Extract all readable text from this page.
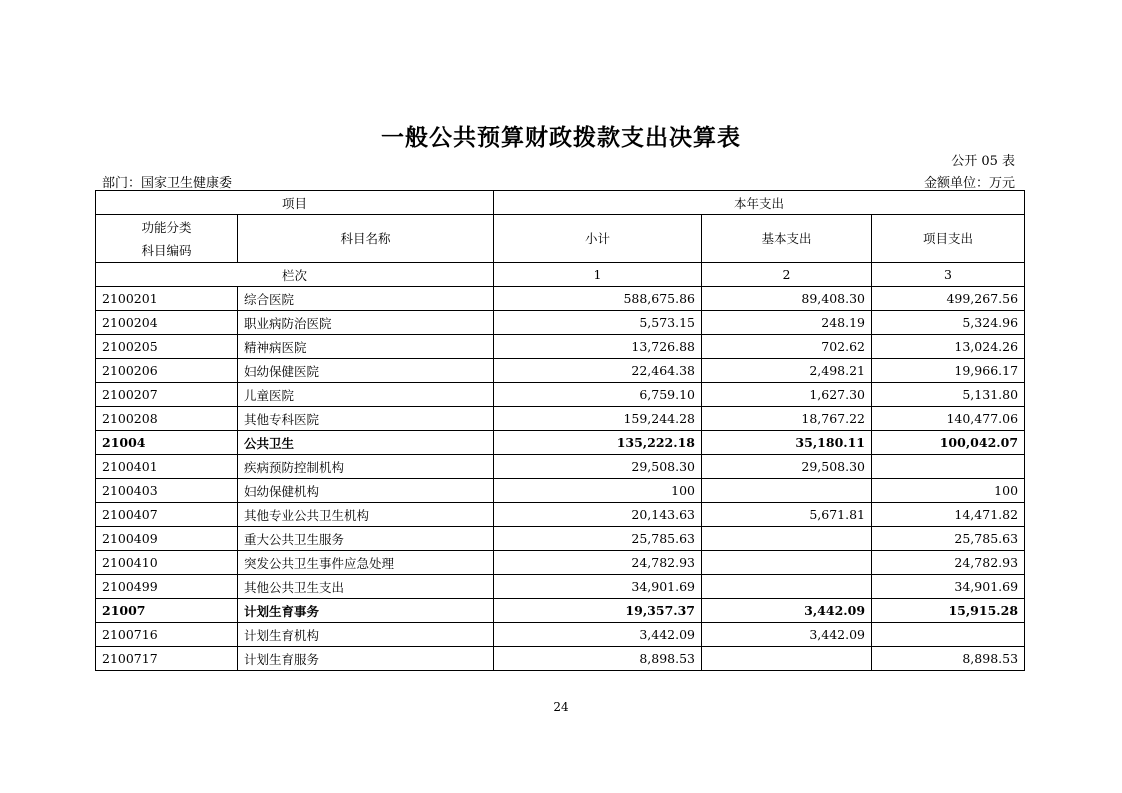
一般公共预算财政拨款支出决算表
公开 05 表
部门：国家卫生健康委	金额单位：万元
项目		本年支出		

功能分类
科目编码	科目名称	小计	基本支出	项目支出
栏次		1	2	3
2100201	综合医院	588,675.86	89,408.30	499,267.56
2100204	职业病防治医院	5,573.15	248.19	5,324.96
2100205	精神病医院	13,726.88	702.62	13,024.26
2100206	妇幼保健医院	22,464.38	2,498.21	19,966.17
2100207	儿童医院	6,759.10	1,627.30	5,131.80
2100208	其他专科医院	159,244.28	18,767.22	140,477.06
21004	公共卫生	135,222.18	35,180.11	100,042.07
2100401	疾病预防控制机构	29,508.30	29,508.30	
2100403	妇幼保健机构	100		100
2100407	其他专业公共卫生机构	20,143.63	5,671.81	14,471.82
2100409	重大公共卫生服务	25,785.63		25,785.63
2100410	突发公共卫生事件应急处理	24,782.93		24,782.93
2100499	其他公共卫生支出	34,901.69		34,901.69
21007	计划生育事务	19,357.37	3,442.09	15,915.28
2100716	计划生育机构	3,442.09	3,442.09	
2100717	计划生育服务	8,898.53		8,898.53
24
